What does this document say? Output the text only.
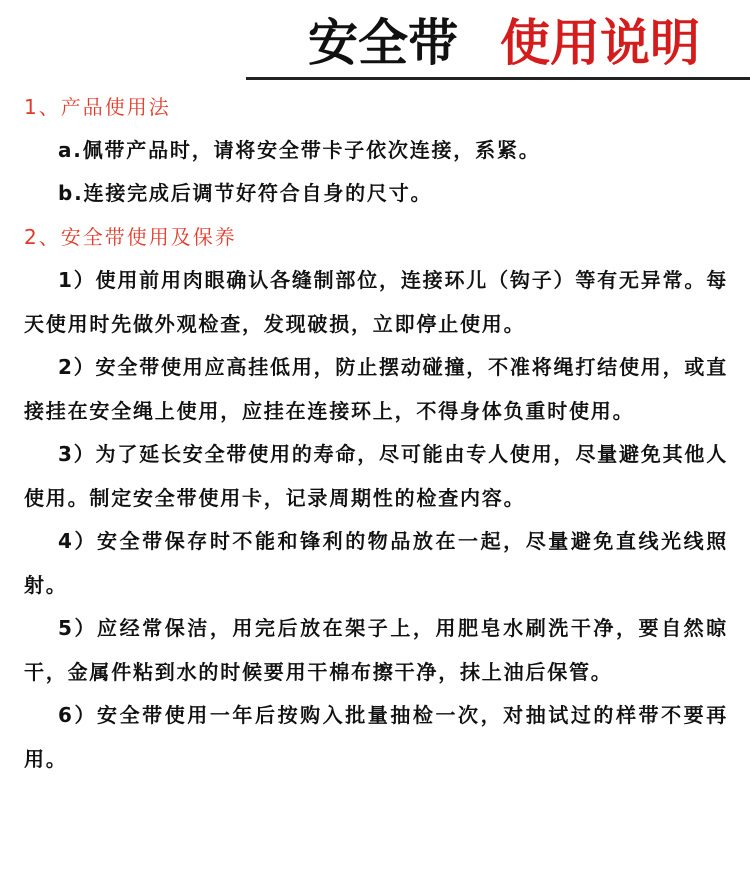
安全带 使用说明
1、产品使用法
a.佩带产品时，请将安全带卡子依次连接，系紧。
b.连接完成后调节好符合自身的尺寸。
2、安全带使用及保养
1）使用前用肉眼确认各缝制部位，连接环儿（钩子）等有无异常。每天使用时先做外观检查，发现破损，立即停止使用。
2）安全带使用应高挂低用，防止摆动碰撞，不准将绳打结使用，或直接挂在安全绳上使用，应挂在连接环上，不得身体负重时使用。
3）为了延长安全带使用的寿命，尽可能由专人使用，尽量避免其他人使用。制定安全带使用卡，记录周期性的检查内容。
4）安全带保存时不能和锋利的物品放在一起，尽量避免直线光线照射。
5）应经常保洁，用完后放在架子上，用肥皂水刷洗干净，要自然晾干，金属件粘到水的时候要用干棉布擦干净，抹上油后保管。
6）安全带使用一年后按购入批量抽检一次，对抽试过的样带不要再用。
